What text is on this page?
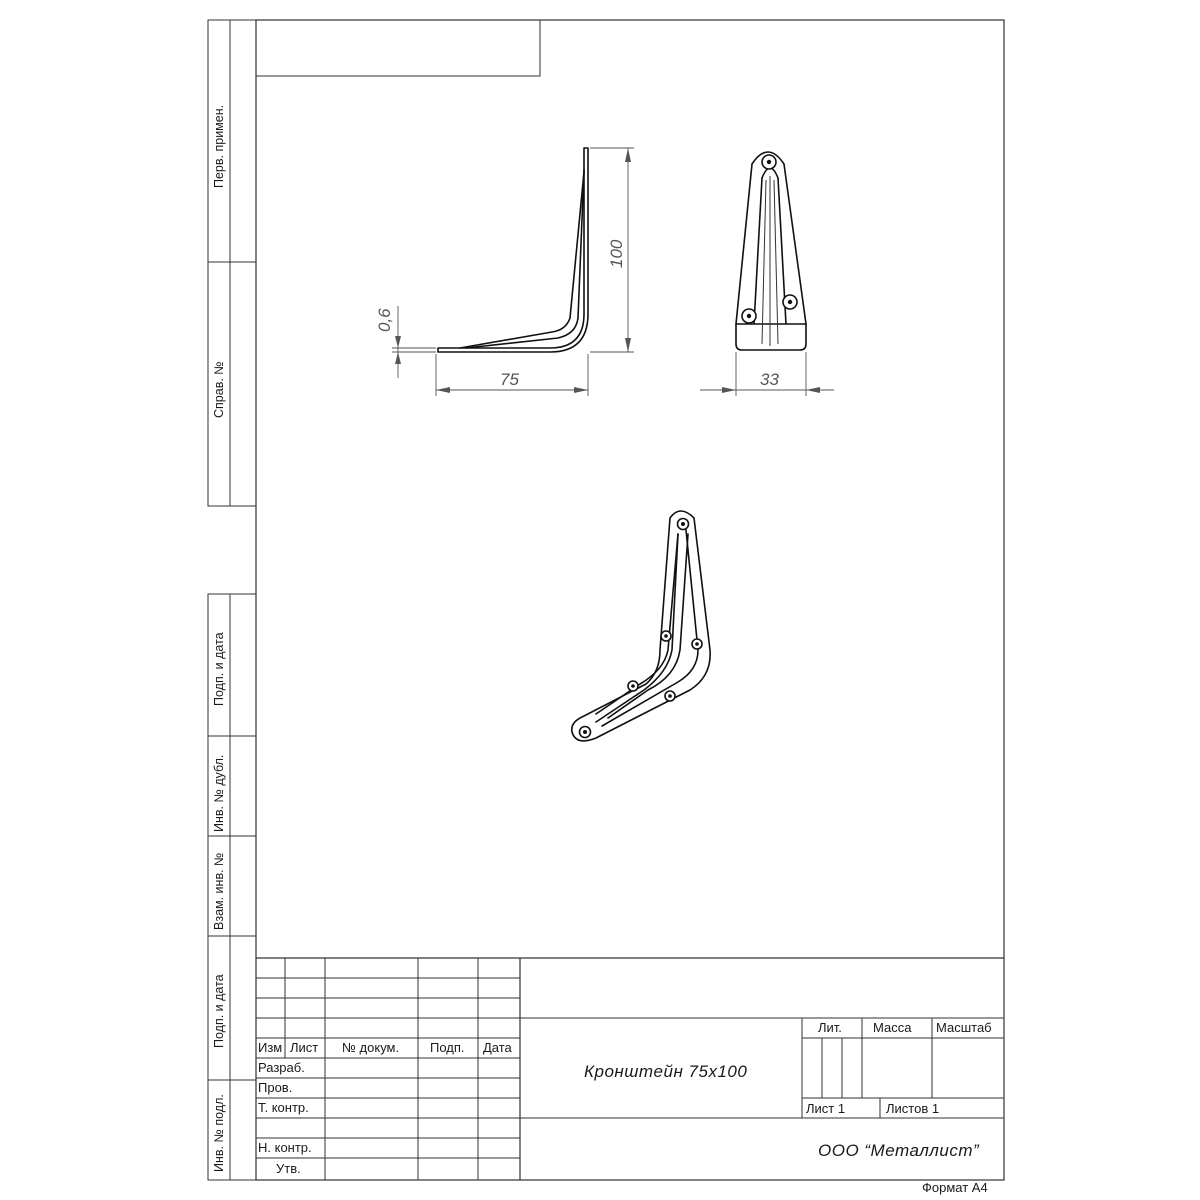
Перв. примен.
Справ. №
Подп. и дата
Инв. № дубл.
Взам. инв. №
Подп. и дата
Инв. № подл.
100
0,6
75	33
Изм Лист № докум. Подп. Дата
Разраб.
Пров.
Т. контр.
Н. контр.
Утв.
Лит. Масса Масштаб
Лист 1	Листов 1
Кронштейн 75х100
ООО “Металлист”
Формат А4
